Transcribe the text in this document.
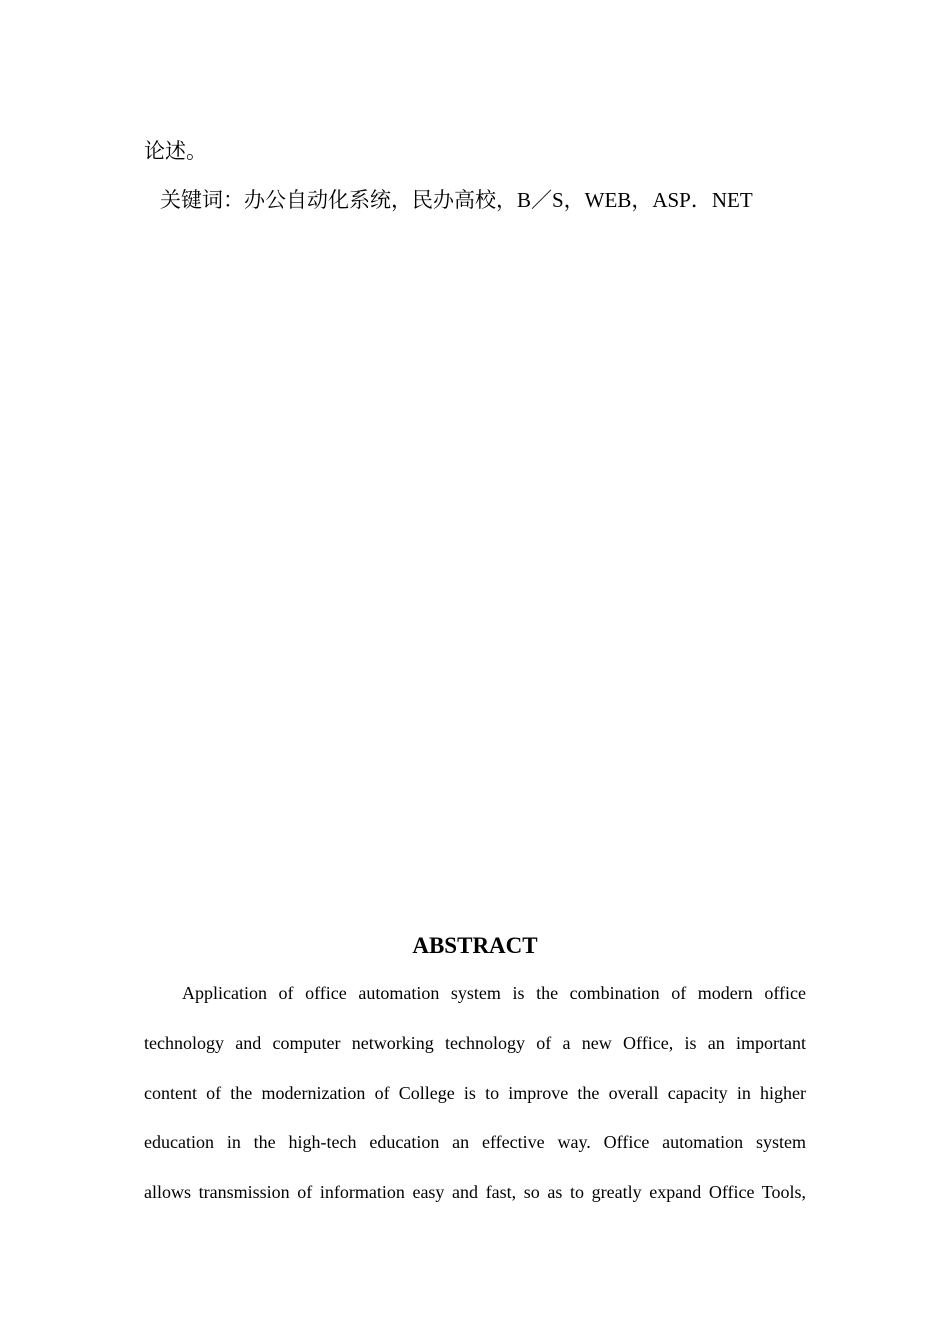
论述。
关键词：办公自动化系统，民办高校，B／S，WEB，ASP．NET
ABSTRACT
Application of office automation system is the combination of modern office
technology and computer networking technology of a new Office, is an important
content of the modernization of College is to improve the overall capacity in higher
education in the high-tech education an effective way. Office automation system
allows transmission of information easy and fast, so as to greatly expand Office Tools,
